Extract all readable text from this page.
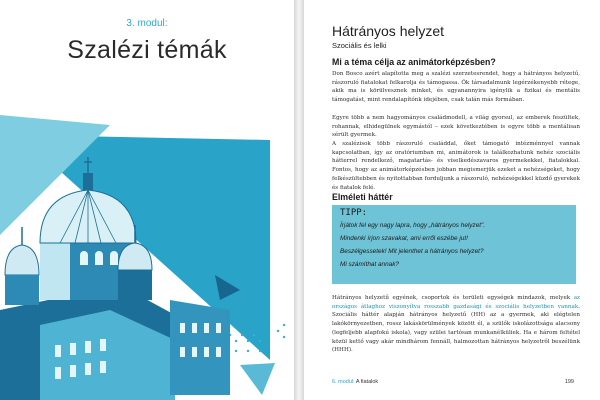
3. modul:
Szalézi témák
Hátrányos helyzet
Szociális és lelki
Mi a téma célja az animátorképzésben?

Don Bosco azért alapította meg a szalézi szerzetesrendet, hogy a hátrányos helyzetű, rászoruló fiatalokat felkarolja és támogassa. Ők társadalmunk legérzékenyebb rétege, akik ma is körülvesznek minket, és ugyanannyira igénylik a fizikai és mentális támogatást, mint rendalapítónk idejében, csak talán más formában.

Egyre több a nem hagyományos családmodell, a világ gyorsul, az emberek feszültek, rohannak, elhidegülnek egymástól – ezek következtében is egyre több a mentálisan sérült gyermek.

A szalézisok több rászoruló családdal, őket támogató intézménnyel vannak kapcsolatban, így az oratóriumban mi, animátorok is találkozhatunk nehéz szociális hátterrel rendelkező, magatartás- és viselkedészavaros gyermekekkel, fiatalokkal. Fontos, hogy az animátorképzésben jobban megismerjük ezeket a nehézségeket, hogy felkészültebben és nyitottabban forduljunk a rászoruló, nehézségekkel küzdő gyerekek és fiatalok felé.

Elméleti háttér
TIPP:
Írjátok fel egy nagy lapra, hogy „hátrányos helyzet".
Mindenki írjon szavakat, ami erről eszébe jut!
Beszélgessetek! Mit jelenthet a hátrányos helyzet?
Mi számíthat annak?

Hátrányos helyzetű egyének, csoportok és területi egységek mindazok, melyek az országos átlaghoz viszonyítva rosszabb gazdasági és szociális helyzetben vannak. Szociális háttér alapján hátrányos helyzetű (HH) az a gyermek, aki elégtelen lakókörnyezetben, rossz lakáskörülmények között él, a szülők iskolázottsága alacsony (legfeljebb alapfokú iskola), vagy szülei tartósan munkanélküliek. Ha e három feltétel közül kettő vagy akár mindhárom fennáll, halmozottan hátrányos helyzetről beszélünk (HHH).

6. modul: A fiatalok	199
